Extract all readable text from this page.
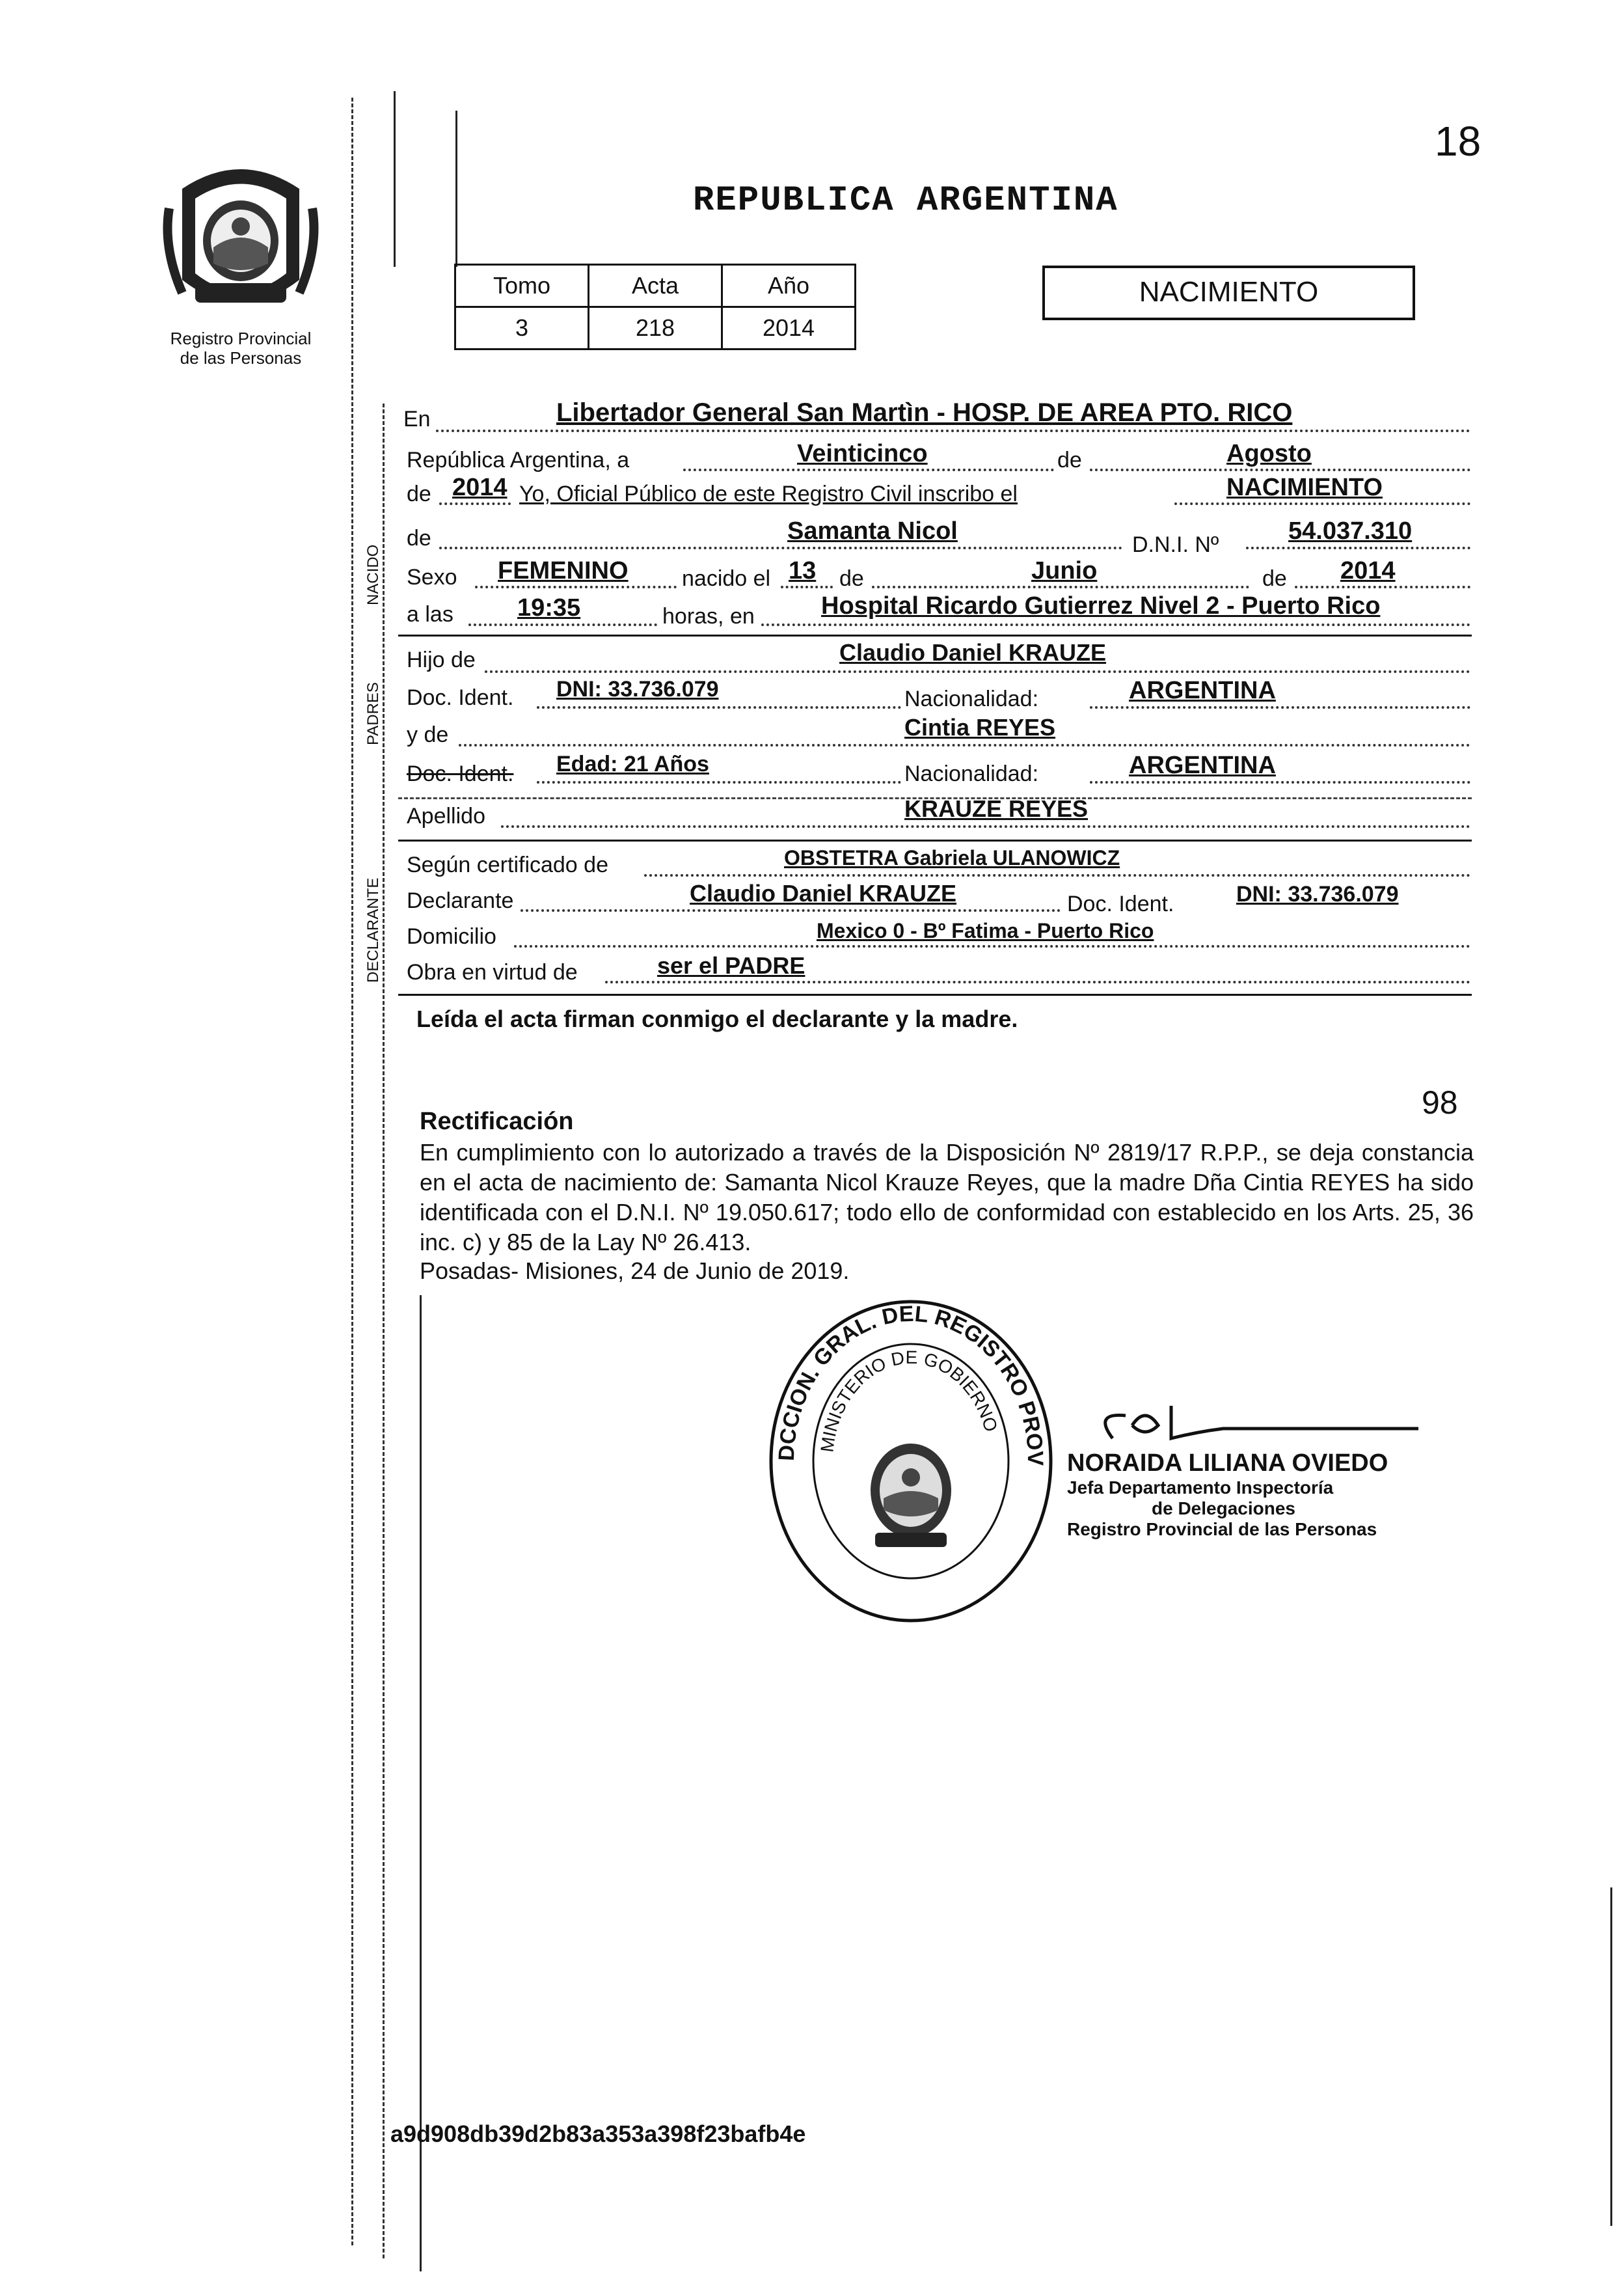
18
Registro Provincial
de las Personas
REPUBLICA ARGENTINA
Tomo	Acta	Año
3	218	2014
NACIMIENTO
NACIDO
PADRES
DECLARANTE
En	Libertador General San Martìn - HOSP. DE AREA PTO. RICO
República Argentina, a	Veinticinco	de	Agosto
de 2014 Yo, Oficial Público de este Registro Civil inscribo el	NACIMIENTO
de	Samanta Nicol	D.N.I. Nº	54.037.310
Sexo FEMENINO nacido el 13 de	Junio	de 2014
a las	19:35	horas, en	Hospital Ricardo Gutierrez Nivel 2 - Puerto Rico
Hijo de	Claudio Daniel KRAUZE
Doc. Ident. DNI: 33.736.079	Nacionalidad:	ARGENTINA
y de	Cintia REYES
Doc. Ident. Edad: 21 Años	Nacionalidad:	ARGENTINA
Apellido	KRAUZE REYES
Según certificado de	OBSTETRA Gabriela ULANOWICZ
Declarante	Claudio Daniel KRAUZE	Doc. Ident.	DNI: 33.736.079
Domicilio	Mexico 0 - Bº Fatima - Puerto Rico
Obra en virtud de	ser el PADRE
Leída el acta firman conmigo el declarante y la madre.
98
Rectificación
En cumplimiento con lo autorizado a través de la Disposición Nº 2819/17 R.P.P., se deja constancia en el acta de nacimiento de: Samanta Nicol Krauze Reyes, que la madre Dña Cintia REYES ha sido identificada con el D.N.I. Nº 19.050.617; todo ello de conformidad con establecido en los Arts. 25, 36 inc. c) y 85 de la Lay Nº 26.413.
Posadas- Misiones, 24 de Junio de 2019.
DCCION. GRAL. DEL REGISTRO PROV
MINISTERIO DE GOBIERNO
NORAIDA LILIANA OVIEDO
Jefa Departamento Inspectoría
de Delegaciones
Registro Provincial de las Personas
a9d908db39d2b83a353a398f23bafb4e
